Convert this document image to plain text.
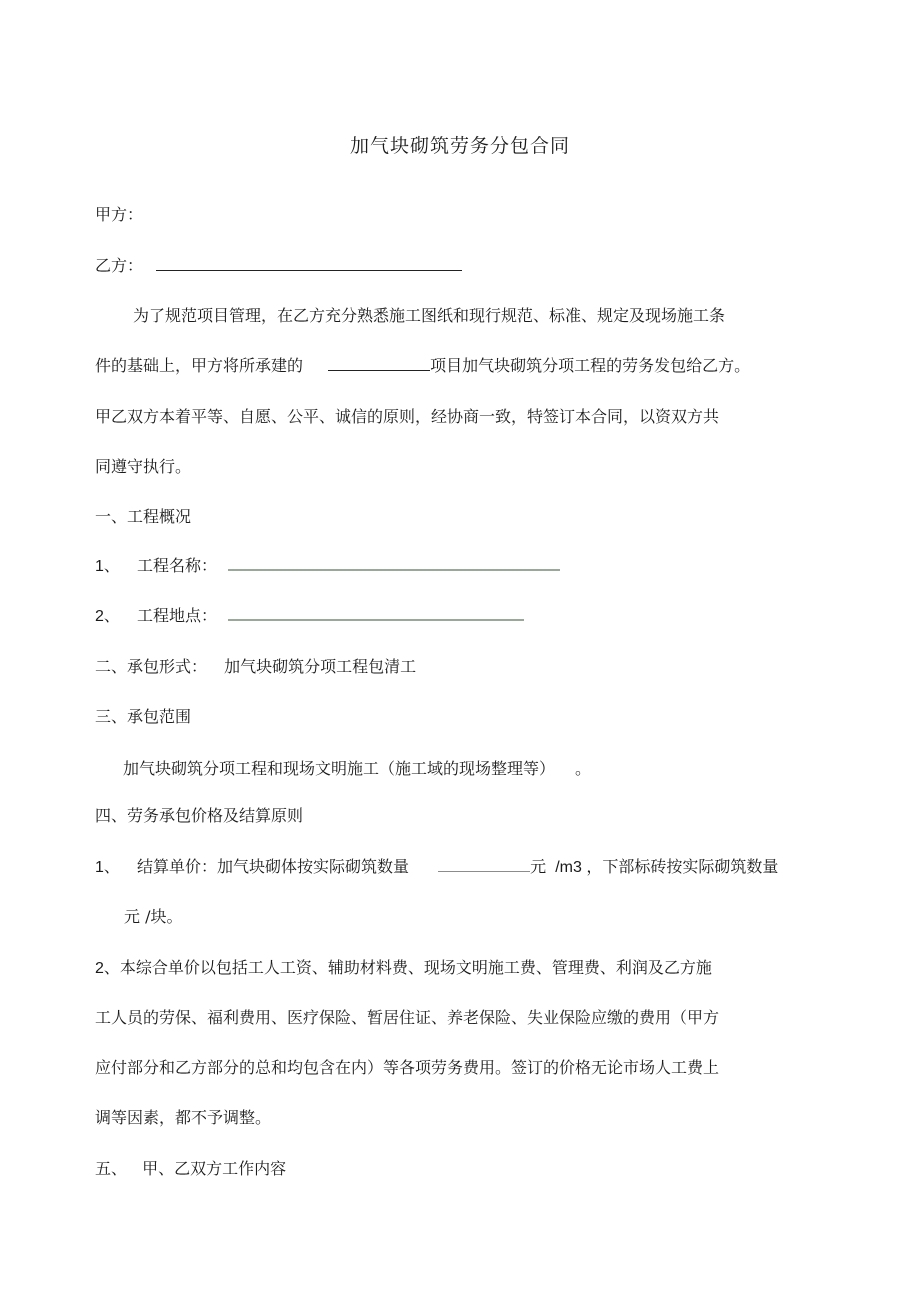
加气块砌筑劳务分包合同
甲方：
乙方：
为了规范项目管理，在乙方充分熟悉施工图纸和现行规范、标准、规定及现场施工条
件的基础上，甲方将所承建的	项目加气块砌筑分项工程的劳务发包给乙方。
甲乙双方本着平等、自愿、公平、诚信的原则，经协商一致，特签订本合同，以资双方共
同遵守执行。
一、工程概况
1、 工程名称：
2、 工程地点：
二、承包形式： 加气块砌筑分项工程包清工
三、承包范围
加气块砌筑分项工程和现场文明施工（施工域的现场整理等） 。
四、劳务承包价格及结算原则
1、 结算单价：加气块砌体按实际砌筑数量	元 /m3 ，下部标砖按实际砌筑数量
元 /块。
2、本综合单价以包括工人工资、辅助材料费、现场文明施工费、管理费、利润及乙方施
工人员的劳保、福利费用、医疗保险、暂居住证、养老保险、失业保险应缴的费用（甲方
应付部分和乙方部分的总和均包含在内）等各项劳务费用。签订的价格无论市场人工费上
调等因素，都不予调整。
五、 甲、乙双方工作内容
